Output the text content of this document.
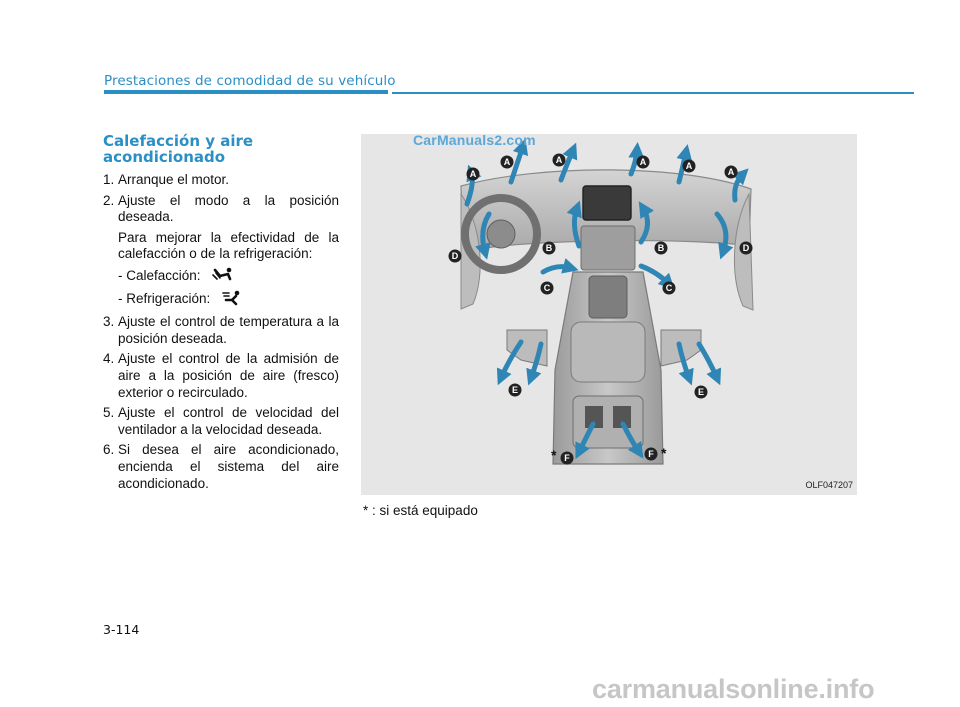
Prestaciones de comodidad de su vehículo
Calefacción y aire
acondicionado
1. Arranque el motor.
2. Ajuste el modo a la posición deseada.
Para mejorar la efectividad de la calefacción o de la refrigeración:
- Calefacción:
- Refrigeración:
3. Ajuste el control de temperatura a la posición deseada.
4. Ajuste el control de la admisión de aire a la posición de aire (fresco) exterior o recirculado.
5. Ajuste el control de velocidad del ventilador a la velocidad deseada.
6. Si desea el aire acondicionado, encienda el sistema del aire acondicionado.
A
A	A	A	A
A
B	B
C	C
D
D
E	E
F	F
*	*
OLF047207
CarManuals2.com
* : si está equipado
3-114
carmanualsonline.info
